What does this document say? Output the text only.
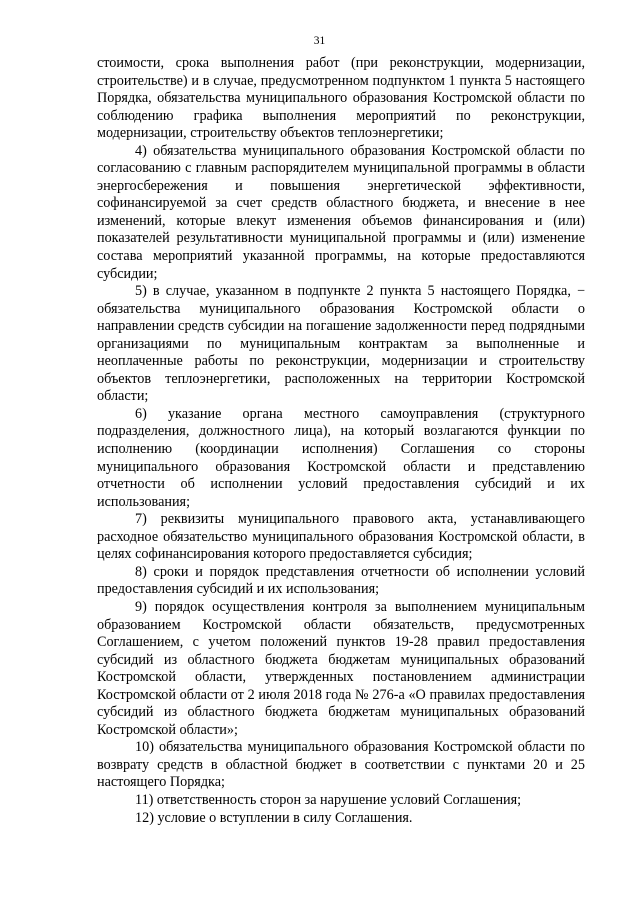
31

стоимости, срока выполнения работ (при реконструкции, модернизации, строительстве) и в случае, предусмотренном подпунктом 1 пункта 5 настоящего Порядка, обязательства муниципального образования Костромской области по соблюдению графика выполнения мероприятий по реконструкции, модернизации, строительству объектов теплоэнергетики;

4) обязательства муниципального образования Костромской области по согласованию с главным распорядителем муниципальной программы в области энергосбережения и повышения энергетической эффективности, софинансируемой за счет средств областного бюджета, и внесение в нее изменений, которые влекут изменения объемов финансирования и (или) показателей результативности муниципальной программы и (или) изменение состава мероприятий указанной программы, на которые предоставляются субсидии;

5) в случае, указанном в подпункте 2 пункта 5 настоящего Порядка, − обязательства муниципального образования Костромской области о направлении средств субсидии на погашение задолженности перед подрядными организациями по муниципальным контрактам за выполненные и неоплаченные работы по реконструкции, модернизации и строительству объектов теплоэнергетики, расположенных на территории Костромской области;

6) указание органа местного самоуправления (структурного подразделения, должностного лица), на который возлагаются функции по исполнению (координации исполнения) Соглашения со стороны муниципального образования Костромской области и представлению отчетности об исполнении условий предоставления субсидий и их использования;

7) реквизиты муниципального правового акта, устанавливающего расходное обязательство муниципального образования Костромской области, в целях софинансирования которого предоставляется субсидия;

8) сроки и порядок представления отчетности об исполнении условий предоставления субсидий и их использования;

9) порядок осуществления контроля за выполнением муниципальным образованием Костромской области обязательств, предусмотренных Соглашением, с учетом положений пунктов 19-28 правил предоставления субсидий из областного бюджета бюджетам муниципальных образований Костромской области, утвержденных постановлением администрации Костромской области от 2 июля 2018 года № 276-а «О правилах предоставления субсидий из областного бюджета бюджетам муниципальных образований Костромской области»;

10) обязательства муниципального образования Костромской области по возврату средств в областной бюджет в соответствии с пунктами 20 и 25 настоящего Порядка;

11) ответственность сторон за нарушение условий Соглашения;

12) условие о вступлении в силу Соглашения.
